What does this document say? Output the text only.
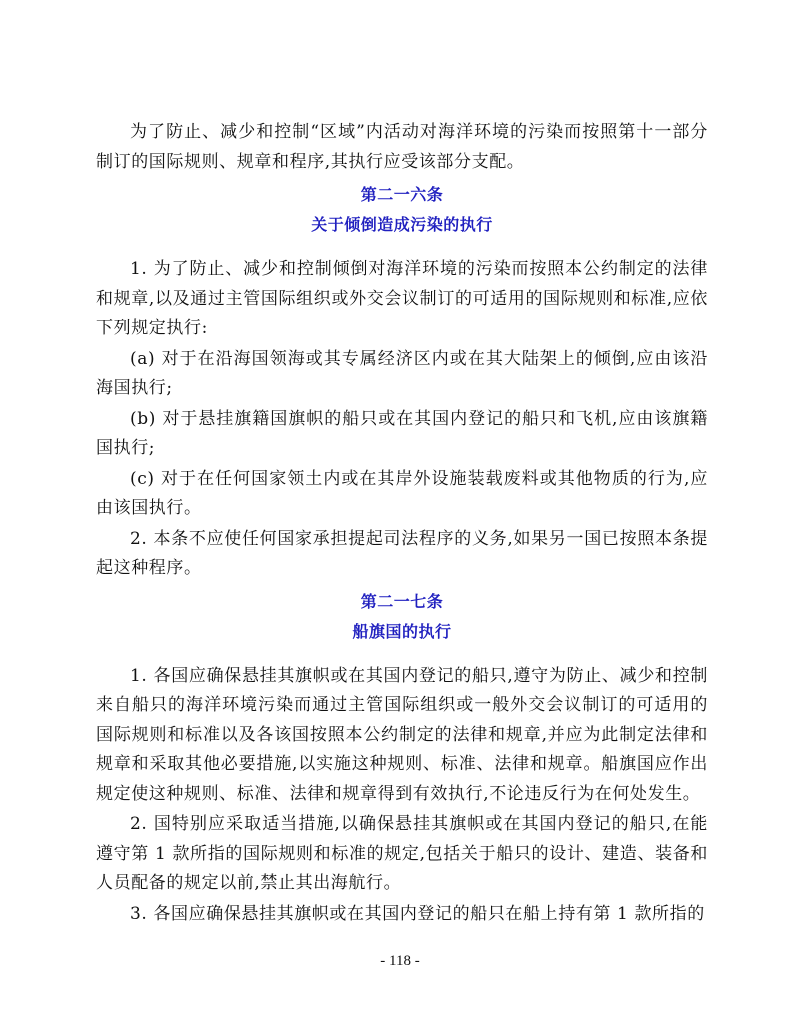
为了防止、减少和控制“区域”内活动对海洋环境的污染而按照第十一部分制订的国际规则、规章和程序,其执行应受该部分支配。

第二一六条
关于倾倒造成污染的执行

1. 为了防止、减少和控制倾倒对海洋环境的污染而按照本公约制定的法律和规章,以及通过主管国际组织或外交会议制订的可适用的国际规则和标准,应依下列规定执行:

(a) 对于在沿海国领海或其专属经济区内或在其大陆架上的倾倒,应由该沿海国执行;

(b) 对于悬挂旗籍国旗帜的船只或在其国内登记的船只和飞机,应由该旗籍国执行;

(c) 对于在任何国家领土内或在其岸外设施装载废料或其他物质的行为,应由该国执行。

2. 本条不应使任何国家承担提起司法程序的义务,如果另一国已按照本条提起这种程序。

第二一七条
船旗国的执行

1. 各国应确保悬挂其旗帜或在其国内登记的船只,遵守为防止、减少和控制来自船只的海洋环境污染而通过主管国际组织或一般外交会议制订的可适用的国际规则和标准以及各该国按照本公约制定的法律和规章,并应为此制定法律和规章和采取其他必要措施,以实施这种规则、标准、法律和规章。船旗国应作出规定使这种规则、标准、法律和规章得到有效执行,不论违反行为在何处发生。

2. 国特别应采取适当措施,以确保悬挂其旗帜或在其国内登记的船只,在能遵守第 1 款所指的国际规则和标准的规定,包括关于船只的设计、建造、装备和人员配备的规定以前,禁止其出海航行。

3. 各国应确保悬挂其旗帜或在其国内登记的船只在船上持有第 1 款所指的

- 118 -
